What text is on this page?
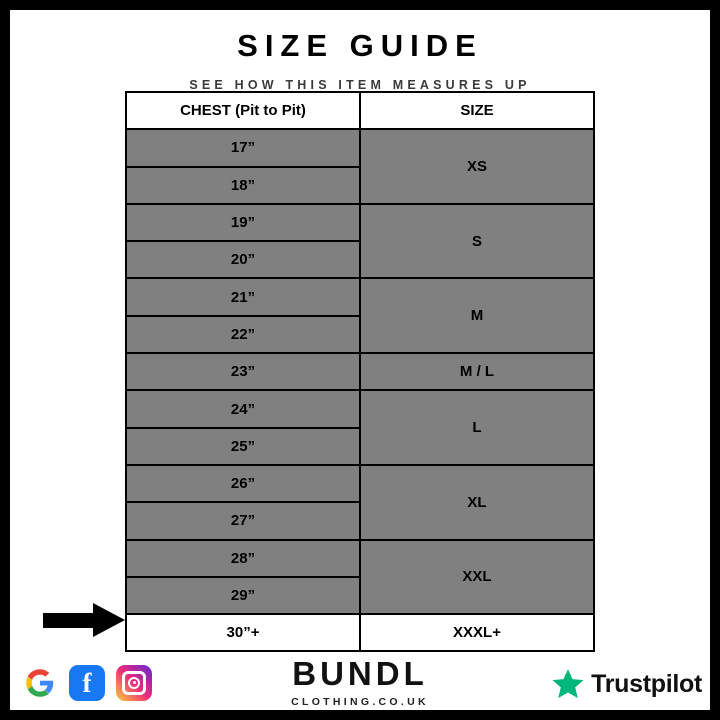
SIZE GUIDE
SEE HOW THIS ITEM MEASURES UP
CHEST (Pit to Pit)	SIZE
17”	XS
18”	
19”	S
20”	
21”	M
22”	
23”	M / L
24”	L
25”	
26”	XL
27”	
28”	XXL
29”	
30”+	XXXL+
f	BUNDL
CLOTHING.CO.UK
Trustpilot
